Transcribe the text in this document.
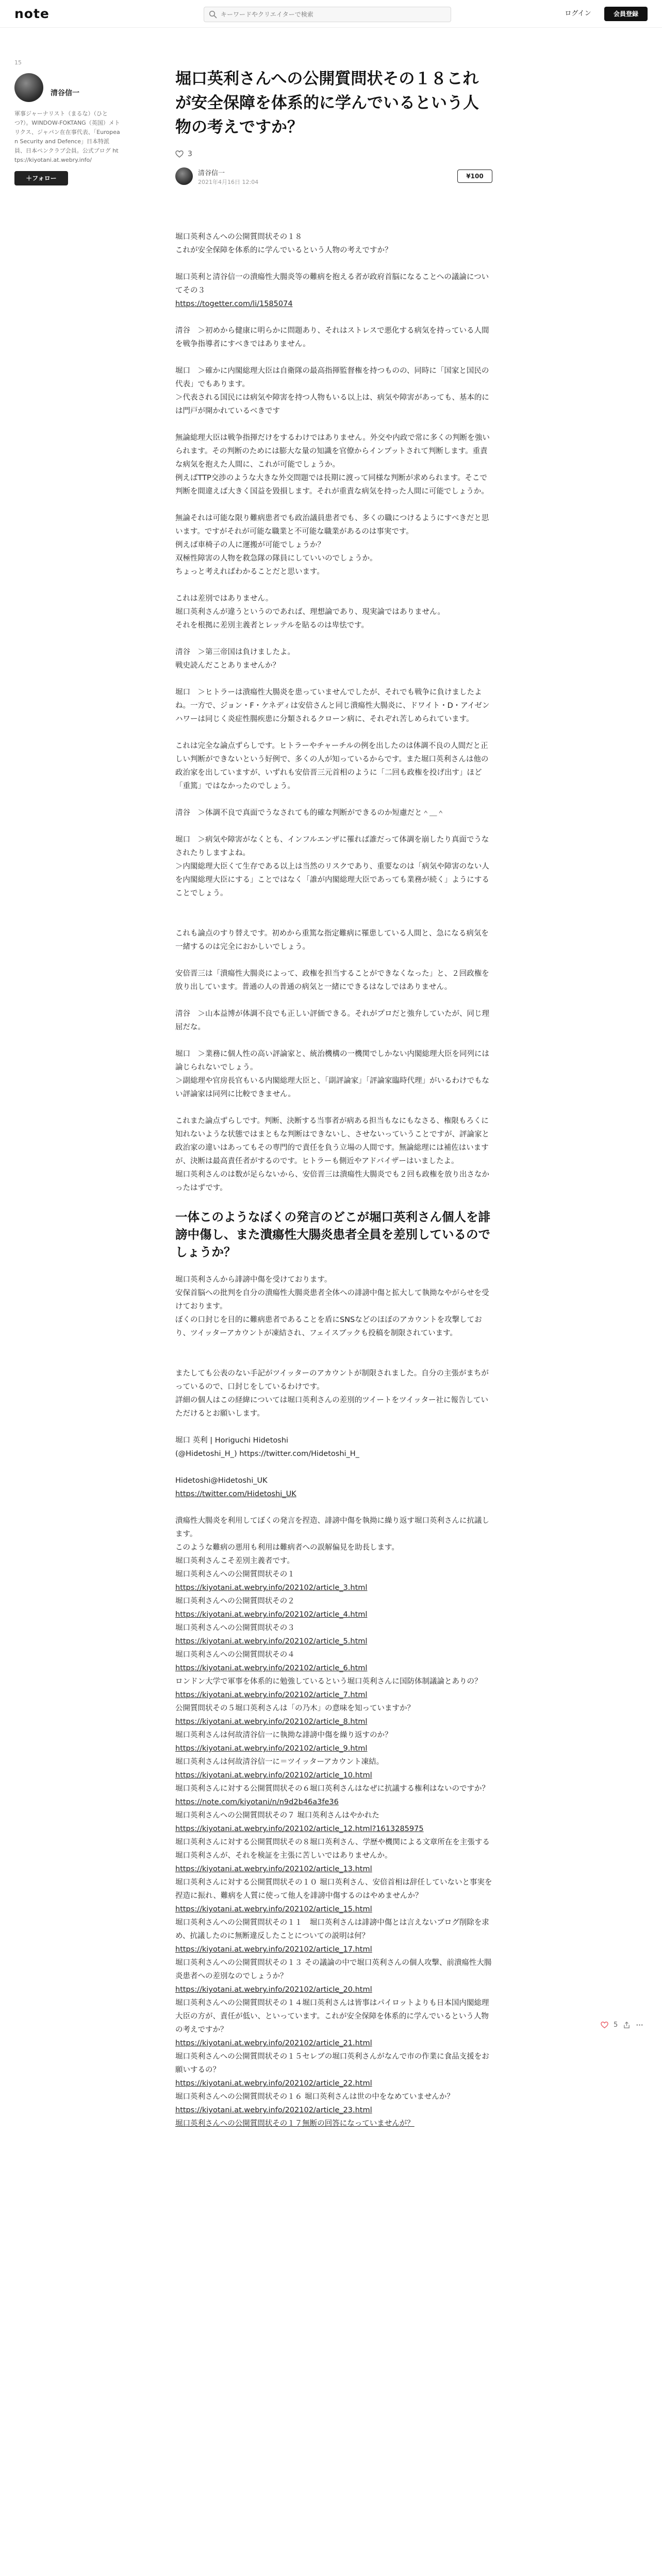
note
キーワードやクリエイターで検索	ログイン	会員登録
15
清谷信一
軍事ジャーナリスト（まるな）（ひとつ?）。WINDOW-FOKTANG（英国）メトリクス、ジャパン在在事代表、「European Security and Defence」日本特派員、日本ペンクラブ会員。公式ブログ https://kiyotani.at.webry.info/
＋フォロー
堀口英利さんへの公開質問状その１８これが安全保障を体系的に学んでいるという人物の考えですか？
3
清谷信一
2021年4月16日 12:04
¥100

堀口英利さんへの公開質問状その１８

これが安全保障を体系的に学んでいるという人物の考えですか？

堀口英利と清谷信一の潰瘍性大腸炎等の難病を抱える者が政府首脳になることへの議論についてその３

https://togetter.com/li/1585074

清谷　＞初めから健康に明らかに問題あり、それはストレスで悪化する病気を持っている人間を戦争指導者にすべきではありません。

堀口　＞確かに内閣総理大臣は自衛隊の最高指揮監督権を持つものの、同時に「国家と国民の代表」でもあります。

＞代表される国民には病気や障害を持つ人物もいる以上は、病気や障害があっても、基本的には門戸が開かれているべきです

無論総理大臣は戦争指揮だけをするわけではありません。外交や内政で常に多くの判断を強いられます。その判断のためには膨大な量の知識を官僚からインプットされて判断します。重責な病気を抱えた人間に、これが可能でしょうか。

例えばTTP交渉のような大きな外交問題では長期に渡って同様な判断が求められます。そこで判断を間違えば大きく国益を毀損します。それが重責な病気を持った人間に可能でしょうか。

無論それは可能な限り難病患者でも政治議員患者でも、多くの職につけるようにすべきだと思います。ですがそれが可能な職業と不可能な職業があるのは事実です。

例えば車椅子の人に運搬が可能でしょうか？

双極性障害の人物を救急隊の隊員にしていいのでしょうか。

ちょっと考えればわかることだと思います。

これは差別ではありません。

堀口英利さんが違うというのであれば、理想論であり、現実論ではありません。

それを根拠に差別主義者とレッテルを貼るのは卑怯です。

清谷　＞第三帝国は負けましたよ。

戦史読んだことありませんか？

堀口　＞ヒトラーは潰瘍性大腸炎を患っていませんでしたが、それでも戦争に負けましたよね。一方で、ジョン・F・ケネディは安倍さんと同じ潰瘍性大腸炎に、ドワイト・D・アイゼンハワーは同じく炎症性腸疾患に分類されるクローン病に、それぞれ苦しめられています。

これは完全な論点ずらしです。ヒトラーやチャーチルの例を出したのは体調不良の人間だと正しい判断ができないという好例で、多くの人が知っているからです。また堀口英利さんは他の政治家を出していますが、いずれも安倍晋三元首相のように「二回も政権を投げ出す」ほど「重篤」ではなかったのでしょう。

清谷　＞体調不良で真面でうなされても的確な判断ができるのか短慮だと＾＿＾

堀口　＞病気や障害がなくとも、インフルエンザに罹れば誰だって体調を崩したり真面でうなされたりしますよね。

＞内閣総理大臣くて生存である以上は当然のリスクであり、重要なのは「病気や障害のない人を内閣総理大臣にする」ことではなく「誰が内閣総理大臣であっても業務が続く」ようにすることでしょう。

これも論点のすり替えです。初めから重篤な指定難病に罹患している人間と、急になる病気を一緒するのは完全におかしいでしょう。

安倍晋三は「潰瘍性大腸炎によって、政権を担当することができなくなった」と、２回政権を放り出しています。普通の人の普通の病気と一緒にできるはなしではありません。

清谷　＞山本益博が体調不良でも正しい評価できる。それがプロだと強弁していたが、同じ理屈だな。

堀口　＞業務に個人性の高い評論家と、統治機構の一機関でしかない内閣総理大臣を同列には論じられないでしょう。

＞副総理や官房長官もいる内閣総理大臣と、「副評論家」「評論家臨時代理」がいるわけでもない評論家は同列に比較できません。

これまた論点ずらしです。判断、決断する当事者が病ある担当もなにもなさる、権限もろくに知れないような状態ではまともな判断はできないし、させないっていうことですが、評論家と政治家の違いはあってもその専門的で責任を負う立場の人間です。無論総理には補佐はいますが、決断は最高責任者がするのです。ヒトラーも側近やアドバイザーはいましたよ。

堀口英利さんのは数が足らないから、安倍晋三は潰瘍性大腸炎でも２回も政権を放り出さなかったはずです。

一体このようなぼくの発言のどこが堀口英利さん個人を誹謗中傷し、また潰瘍性大腸炎患者全員を差別しているのでしょうか？

堀口英利さんから誹謗中傷を受けております。

安保首脳への批判を自分の潰瘍性大腸炎患者全体への誹謗中傷と拡大して執拗なやがらせを受けております。

ぼくの口封じを目的に難病患者であることを盾にSNSなどのほぼのアカウントを攻撃しており、ツイッターアカウントが凍結され、フェイスブックも投稿を制限されています。

またしても公表のない手記がツイッターのアカウントが制限されました。自分の主張がまちがっているので、口封じをしているわけです。

詳細の個人はこの経緯については堀口英利さんの差別的ツイートをツイッター社に報告していただけるとお願いします。

堀口 英利 | Horiguchi Hidetoshi

(@Hidetoshi_H_) https://twitter.com/Hidetoshi_H_

Hidetoshi@Hidetoshi_UK

https://twitter.com/Hidetoshi_UK

潰瘍性大腸炎を利用してぼくの発言を捏造、誹謗中傷を執拗に繰り返す堀口英利さんに抗議します。

このような難病の悪用も利用は難病者への誤解偏見を助長します。

堀口英利さんこそ差別主義者です。

堀口英利さんへの公開質問状その１

https://kiyotani.at.webry.info/202102/article_3.html

堀口英利さんへの公開質問状その２

https://kiyotani.at.webry.info/202102/article_4.html

堀口英利さんへの公開質問状その３

https://kiyotani.at.webry.info/202102/article_5.html

堀口英利さんへの公開質問状その４

https://kiyotani.at.webry.info/202102/article_6.html

ロンドン大学で軍事を体系的に勉強しているという堀口英利さんに国防体制議論とありの？

https://kiyotani.at.webry.info/202102/article_7.html

公開質問状その５堀口英利さんは「の乃木」の意味を知っていますか？

https://kiyotani.at.webry.info/202102/article_8.html

堀口英利さんは何故清谷信一に執拗な誹謗中傷を繰り返すのか？

https://kiyotani.at.webry.info/202102/article_9.html

堀口英利さんは何故清谷信一に＝ツイッターアカウント凍結。

https://kiyotani.at.webry.info/202102/article_10.html

堀口英利さんに対する公開質問状その６堀口英利さんはなぜに抗議する権利はないのですか？

https://note.com/kiyotani/n/n9d2b46a3fe36

堀口英利さんへの公開質問状その７ 堀口英利さんはやかれた

https://kiyotani.at.webry.info/202102/article_12.html?1613285975

堀口英利さんに対する公開質問状その８堀口英利さん、学歴や機関による文章所在を主張する堀口英利さんが、それを検証を主張に苦しいではありませんか。

https://kiyotani.at.webry.info/202102/article_13.html

堀口英利さんに対する公開質問状その１０ 堀口英利さん、安倍首相は辞任していないと事実を捏造に振れ、難病を人質に使って他人を誹謗中傷するのはやめませんか？

https://kiyotani.at.webry.info/202102/article_15.html

堀口英利さんへの公開質問状その１１　堀口英利さんは誹謗中傷とは言えないブログ削除を求め、抗議したのに無断違反したことについての説明は何？

https://kiyotani.at.webry.info/202102/article_17.html

堀口英利さんへの公開質問状その１３ その議論の中で堀口英利さんの個人攻撃、前潰瘍性大腸炎患者への差別なのでしょうか？

https://kiyotani.at.webry.info/202102/article_20.html

堀口英利さんへの公開質問状その１４堀口英利さんは皆事はパイロットよりも日本国内閣総理大臣の方が、責任が低い、といっています。これが安全保障を体系的に学んでいるという人物の考えですか？

https://kiyotani.at.webry.info/202102/article_21.html

堀口英利さんへの公開質問状その１５セレブの堀口英利さんがなんで市の作業に食品支援をお願いするの？

https://kiyotani.at.webry.info/202102/article_22.html

堀口英利さんへの公開質問状その１６ 堀口英利さんは世の中をなめていませんか？

https://kiyotani.at.webry.info/202102/article_23.html

堀口英利さんへの公開質問状その１７無断の回答になっていませんが？

5
